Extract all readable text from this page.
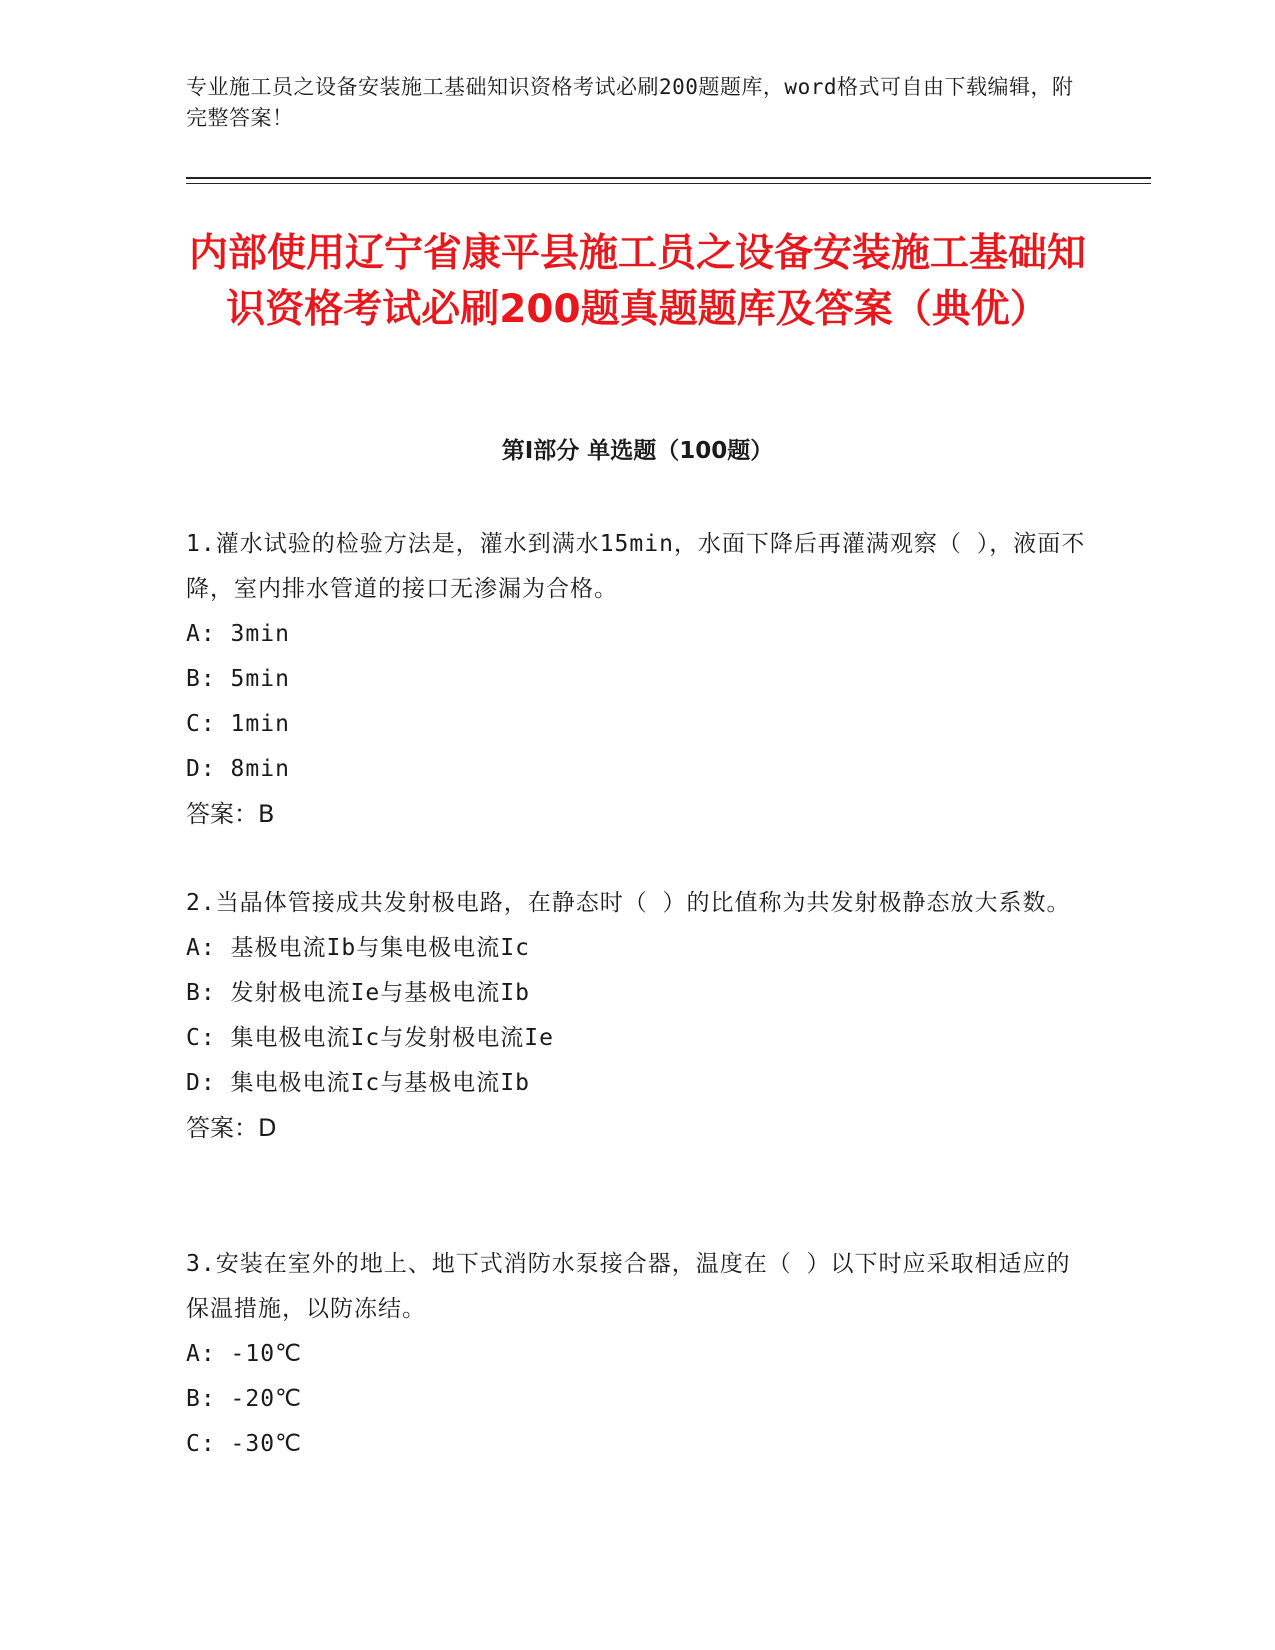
专业施工员之设备安装施工基础知识资格考试必刷200题题库，word格式可自由下载编辑，附完整答案！
内部使用辽宁省康平县施工员之设备安装施工基础知识资格考试必刷200题真题题库及答案（典优）
第Ⅰ部分 单选题（100题）
1.灌水试验的检验方法是，灌水到满水15min，水面下降后再灌满观察（ ），液面不降，室内排水管道的接口无渗漏为合格。
A: 3min
B: 5min
C: 1min
D: 8min
答案：B
2.当晶体管接成共发射极电路，在静态时（ ）的比值称为共发射极静态放大系数。
A: 基极电流Ib与集电极电流Ic
B: 发射极电流Ie与基极电流Ib
C: 集电极电流Ic与发射极电流Ie
D: 集电极电流Ic与基极电流Ib
答案：D
3.安装在室外的地上、地下式消防水泵接合器，温度在（ ）以下时应采取相适应的保温措施，以防冻结。
A: -10℃
B: -20℃
C: -30℃
